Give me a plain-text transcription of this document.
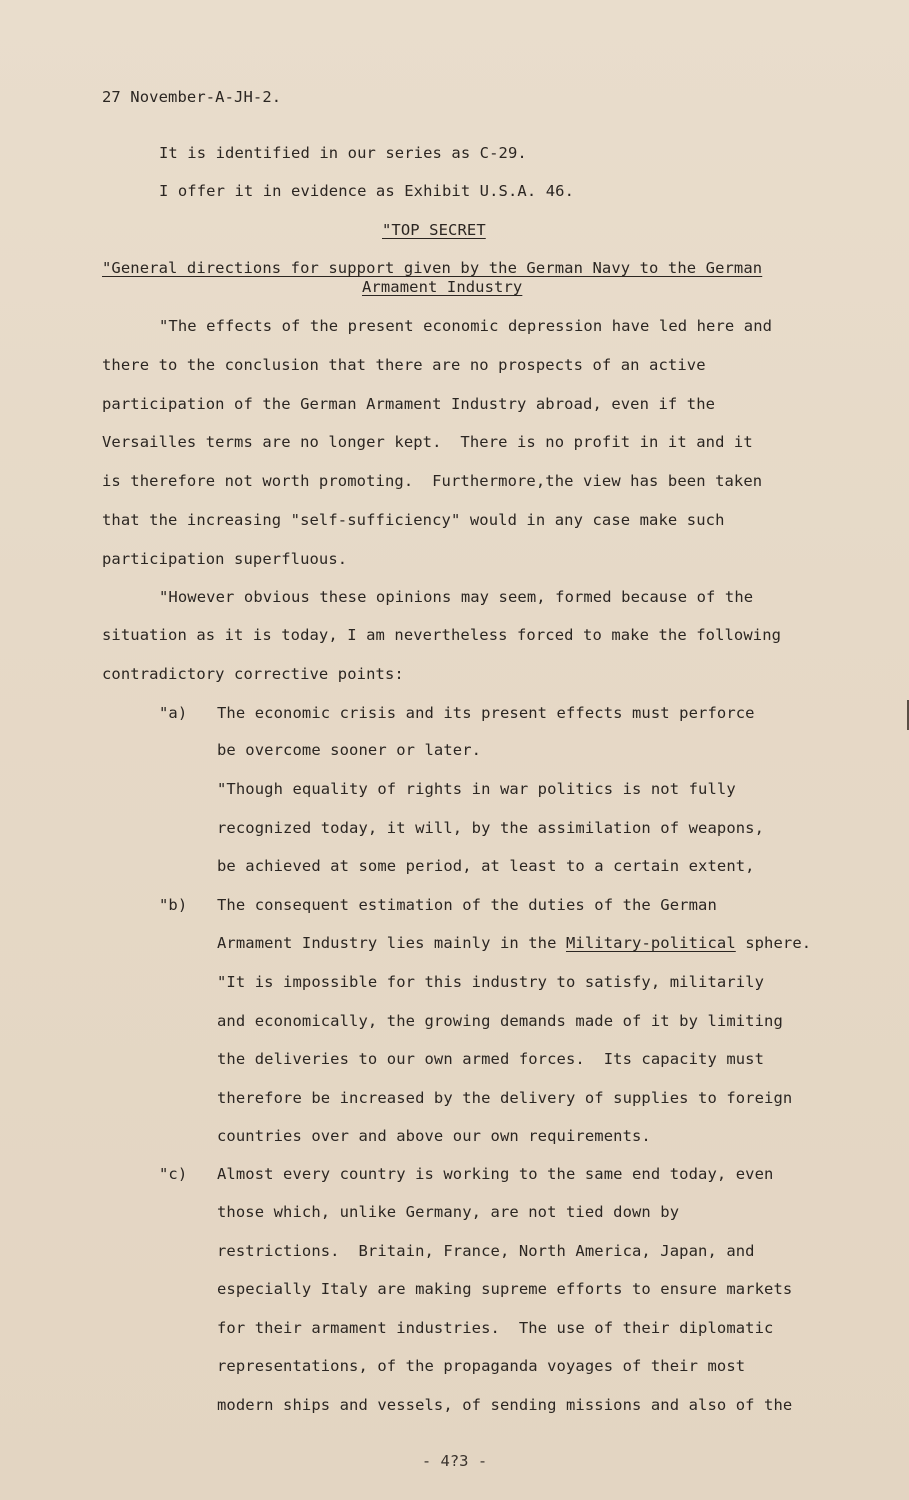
27 November-A-JH-2.
It is identified in our series as C-29.
I offer it in evidence as Exhibit U.S.A. 46.
"TOP SECRET
"General directions for support given by the German Navy to the German
Armament Industry
"The effects of the present economic depression have led here and
there to the conclusion that there are no prospects of an active
participation of the German Armament Industry abroad, even if the
Versailles terms are no longer kept.  There is no profit in it and it
is therefore not worth promoting.  Furthermore,the view has been taken
that the increasing "self-sufficiency" would in any case make such
participation superfluous.
"However obvious these opinions may seem, formed because of the
situation as it is today, I am nevertheless forced to make the following
contradictory corrective points:
"a) The economic crisis and its present effects must perforce
be overcome sooner or later.
"Though equality of rights in war politics is not fully
recognized today, it will, by the assimilation of weapons,
be achieved at some period, at least to a certain extent,
"b) The consequent estimation of the duties of the German
Armament Industry lies mainly in the Military-political sphere.
"It is impossible for this industry to satisfy, militarily
and economically, the growing demands made of it by limiting
the deliveries to our own armed forces.  Its capacity must
therefore be increased by the delivery of supplies to foreign
countries over and above our own requirements.
"c) Almost every country is working to the same end today, even
those which, unlike Germany, are not tied down by
restrictions.  Britain, France, North America, Japan, and
especially Italy are making supreme efforts to ensure markets
for their armament industries.  The use of their diplomatic
representations, of the propaganda voyages of their most
modern ships and vessels, of sending missions and also of the
- 4?3 -
